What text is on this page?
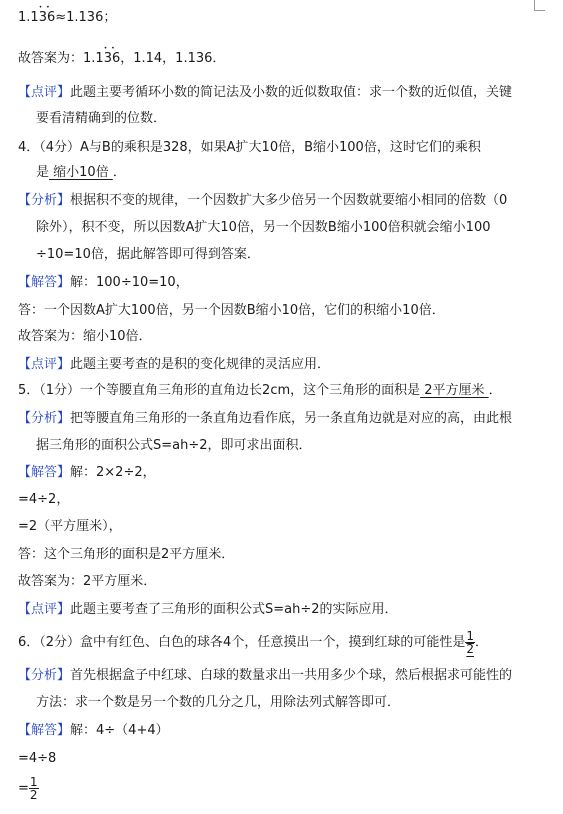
1.1• • 36≈1.136；
故答案为：1.1• • 36，1.14，1.136．
【点评】此题主要考循环小数的简记法及小数的近似数取值：求一个数的近似值，关键
要看清精确到的位数．
4．（4分）A与B的乘积是328，如果A扩大10倍，B缩小100倍，这时它们的乘积
是 缩小10倍 ．
【分析】根据积不变的规律，一个因数扩大多少倍另一个因数就要缩小相同的倍数（0
除外），积不变，所以因数A扩大10倍，另一个因数B缩小100倍积就会缩小100
÷10=10倍，据此解答即可得到答案．
【解答】解：100÷10=10，
答：一个因数A扩大100倍，另一个因数B缩小10倍，它们的积缩小10倍．
故答案为：缩小10倍．
【点评】此题主要考查的是积的变化规律的灵活应用．
5．（1分）一个等腰直角三角形的直角边长2cm，这个三角形的面积是 2平方厘米 ．
【分析】把等腰直角三角形的一条直角边看作底，另一条直角边就是对应的高，由此根
据三角形的面积公式S=ah÷2，即可求出面积．
【解答】解：2×2÷2，
=4÷2，
=2（平方厘米），
答：这个三角形的面积是2平方厘米．
故答案为：2平方厘米．
【点评】此题主要考查了三角形的面积公式S=ah÷2的实际应用．
6．（2分）盒中有红色、白色的球各4个，任意摸出一个，摸到红球的可能性是 $\frac{1}{2}$ ．
【分析】首先根据盒子中红球、白球的数量求出一共用多少个球，然后根据求可能性的
方法：求一个数是另一个数的几分之几，用除法列式解答即可．
【解答】解：4÷（4+4）
=4÷8
= $\frac{1}{2}$
